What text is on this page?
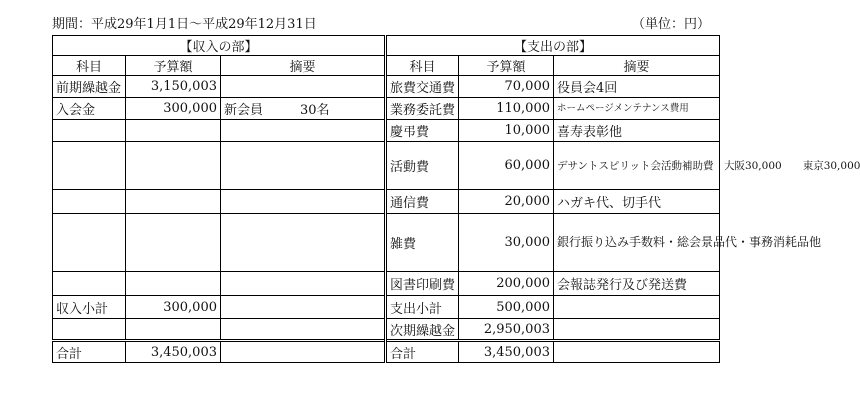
期間：平成29年1月1日～平成29年12月31日	（単位：円）
【収入の部】			【支出の部】		
科目	予算額	摘要	科目	予算額	摘要
前期繰越金	3,150,003		旅費交通費	70,000	役員会4回
入会金	300,000	新会員 30名	業務委託費	110,000	ホームページメンテナンス費用
			慶弔費	10,000	喜寿表彰他
			活動費	60,000	デサントスピリット会活動補助費　大阪30,000　　東京30,000
			通信費	20,000	ハガキ代、切手代
			雑費	30,000	銀行振り込み手数料・総会景品代・事務消耗品他
			図書印刷費	200,000	会報誌発行及び発送費
収入小計	300,000		支出小計	500,000	
			次期繰越金	2,950,003	
合計	3,450,003		合計	3,450,003	
